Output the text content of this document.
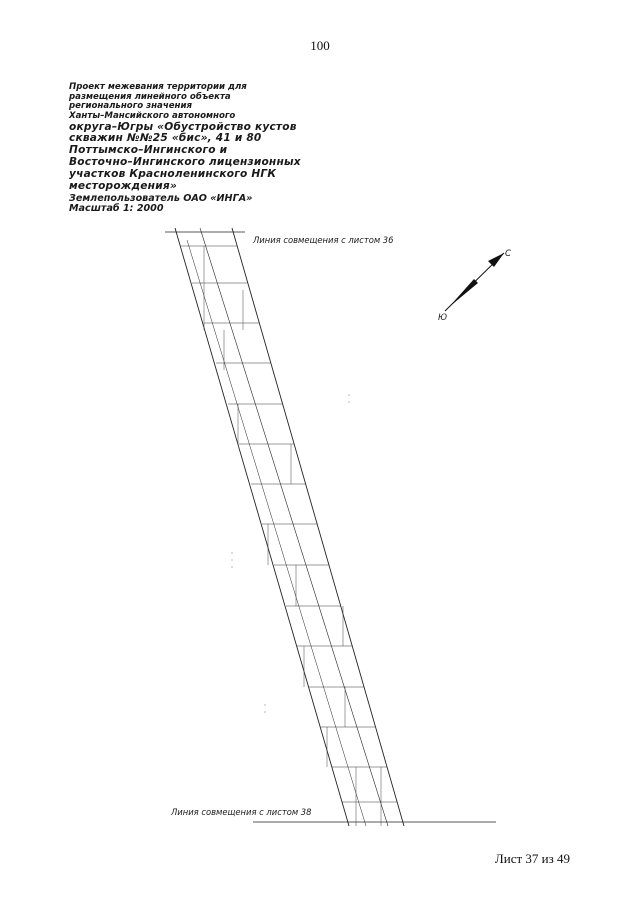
100
Проект межевания территории для
размещения линейного объекта
регионального значения
Ханты–Мансийского автономного
округа–Югры «Обустройство кустов
скважин №№25 «бис», 41 и 80
Поттымско–Ингинского и
Восточно–Ингинского лицензионных
участков Красноленинского НГК
месторождения»
Землепользователь ОАО «ИНГА»
Масштаб 1: 2000
Линия совмещения с листом 36
Линия совмещения с листом 38
С
Ю
Лист 37 из 49
